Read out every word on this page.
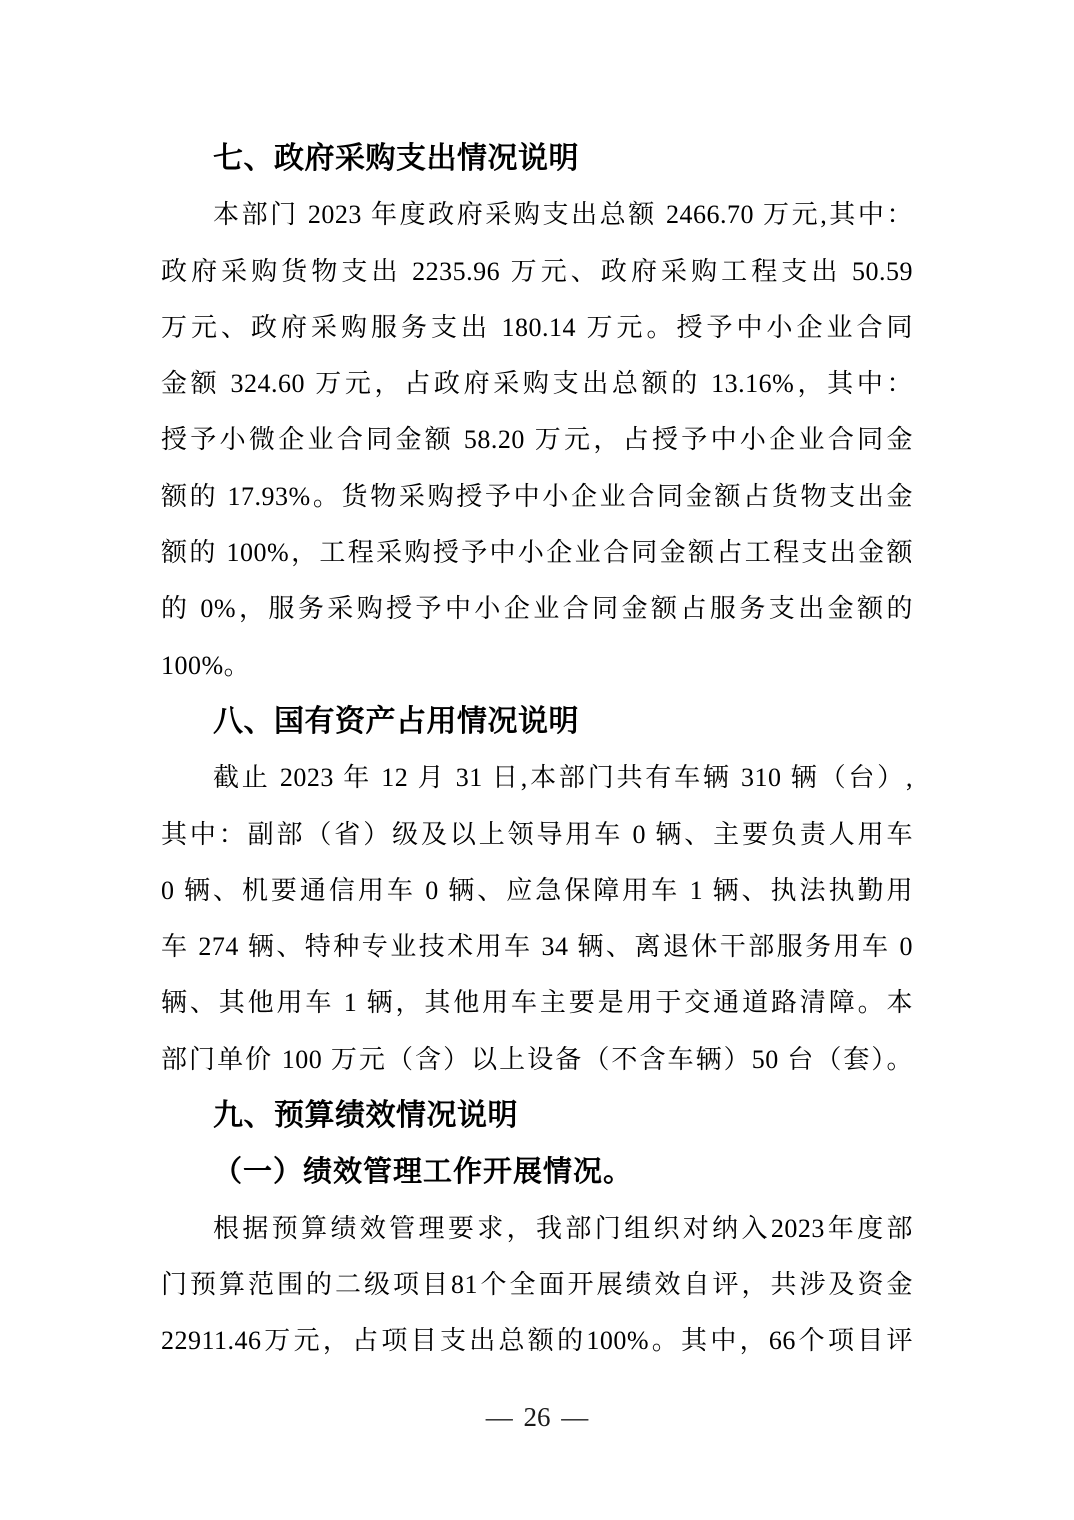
七、政府采购支出情况说明
本部门 2023 年度政府采购支出总额 2466.70 万元,其中：
政府采购货物支出 2235.96 万元、政府采购工程支出 50.59
万元、政府采购服务支出 180.14 万元。授予中小企业合同
金额 324.60 万元，占政府采购支出总额的 13.16%，其中：
授予小微企业合同金额 58.20 万元，占授予中小企业合同金
额的 17.93%。货物采购授予中小企业合同金额占货物支出金
额的 100%，工程采购授予中小企业合同金额占工程支出金额
的 0%，服务采购授予中小企业合同金额占服务支出金额的
100%。
八、国有资产占用情况说明
截止 2023 年 12 月 31 日,本部门共有车辆 310 辆（台）,
其中：副部（省）级及以上领导用车 0 辆、主要负责人用车
0 辆、机要通信用车 0 辆、应急保障用车 1 辆、执法执勤用
车 274 辆、特种专业技术用车 34 辆、离退休干部服务用车 0
辆、其他用车 1 辆，其他用车主要是用于交通道路清障。本
部门单价 100 万元（含）以上设备（不含车辆）50 台（套）。
九、预算绩效情况说明
（一）绩效管理工作开展情况。
根据预算绩效管理要求，我部门组织对纳入2023年度部
门预算范围的二级项目81个全面开展绩效自评，共涉及资金
22911.46万元，占项目支出总额的100%。其中，66个项目评
— 26 —
